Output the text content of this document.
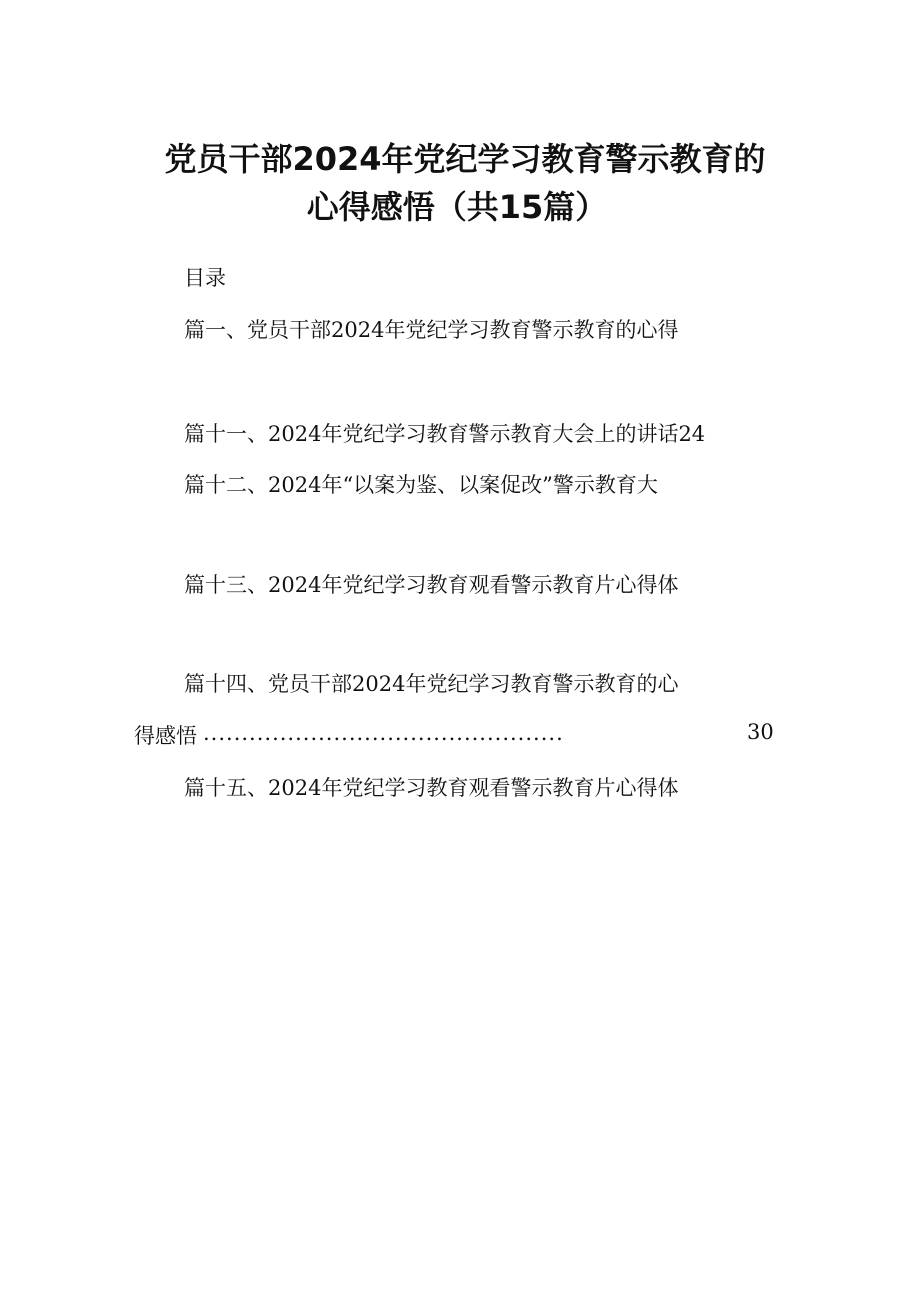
党员干部2024年党纪学习教育警示教育的
心得感悟（共15篇）
目录
篇一、党员干部2024年党纪学习教育警示教育的心得
篇十一、2024年党纪学习教育警示教育大会上的讲话24
篇十二、2024年“以案为鉴、以案促改”警示教育大
篇十三、2024年党纪学习教育观看警示教育片心得体
篇十四、党员干部2024年党纪学习教育警示教育的心
得感悟 ...............................................	30
篇十五、2024年党纪学习教育观看警示教育片心得体
